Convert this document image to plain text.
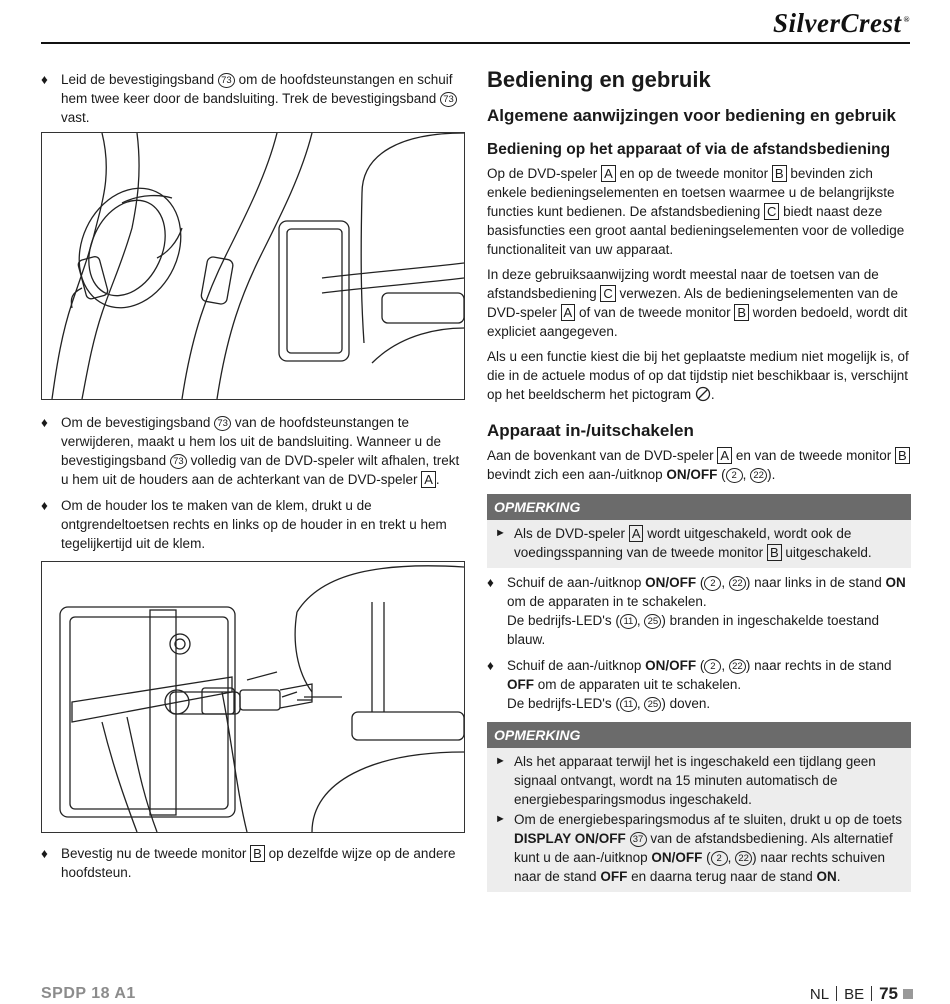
SilverCrest ®

♦ Leid de bevestigingsband 73 om de hoofdsteunstangen en schuif hem twee keer door de bandsluiting. Trek de bevestigingsband 73 vast.

♦ Om de bevestigingsband 73 van de hoofdsteunstangen te verwijderen, maakt u hem los uit de bandsluiting. Wanneer u de bevestigingsband 73 volledig van de DVD-speler wilt afhalen, trekt u hem uit de houders aan de achterkant van de DVD-speler A .

♦ Om de houder los te maken van de klem, drukt u de ontgrendeltoetsen rechts en links op de houder in en trekt u hem tegelijkertijd uit de klem.

♦ Bevestig nu de tweede monitor B op dezelfde wijze op de andere hoofdsteun.

Bediening en gebruik
Algemene aanwijzingen voor bediening en gebruik
Bediening op het apparaat of via de afstandsbediening

Op de DVD-speler A en op de tweede monitor B bevinden zich enkele bedieningselementen en toetsen waarmee u de belangrijkste functies kunt bedienen. De afstandsbediening C biedt naast deze basisfuncties een groot aantal bedieningselementen voor de volledige functionaliteit van uw apparaat.

In deze gebruiksaanwijzing wordt meestal naar de toetsen van de afstandsbediening C verwezen. Als de bedieningselementen van de DVD-speler A of van de tweede monitor B worden bedoeld, wordt dit expliciet aangegeven.

Als u een functie kiest die bij het geplaatste medium niet mogelijk is, of die in de actuele modus of op dat tijdstip niet beschikbaar is, verschijnt op het beeldscherm het pictogram .

Apparaat in-/uitschakelen

Aan de bovenkant van de DVD-speler A en van de tweede monitor B bevindt zich een aan-/uitknop ON/OFF ( 2 , 22 ).

OPMERKING
► Als de DVD-speler A wordt uitgeschakeld, wordt ook de voedingsspanning van de tweede monitor B uitgeschakeld.

♦ Schuif de aan-/uitknop ON/OFF ( 2 , 22 ) naar links in de stand ON om de apparaten in te schakelen.
De bedrijfs-LED's ( 11 , 25 ) branden in ingeschakelde toestand blauw.

♦ Schuif de aan-/uitknop ON/OFF ( 2 , 22 ) naar rechts in de stand OFF om de apparaten uit te schakelen.
De bedrijfs-LED's ( 11 , 25 ) doven.

OPMERKING
► Als het apparaat terwijl het is ingeschakeld een tijdlang geen signaal ontvangt, wordt na 15 minuten automatisch de energiebesparingsmodus ingeschakeld.
► Om de energiebesparingsmodus af te sluiten, drukt u op de toets DISPLAY ON/OFF 37 van de afstandsbediening. Als alternatief kunt u de aan-/uitknop ON/OFF ( 2 , 22 ) naar rechts schuiven naar de stand OFF en daarna terug naar de stand ON.
SPDP 18 A1	NL BE 75
